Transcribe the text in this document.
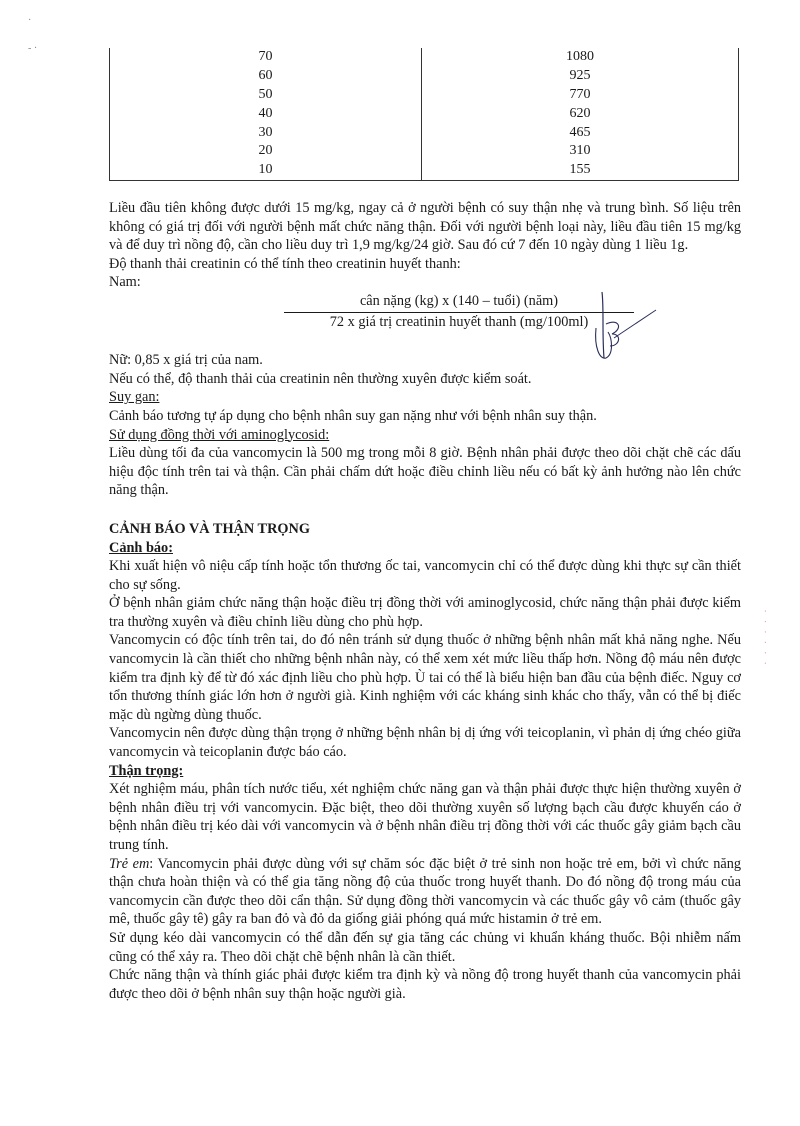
·

- ·
70	1080
60	925
50	770
40	620
30	465
20	310
10	155

Liều đầu tiên không được dưới 15 mg/kg, ngay cả ở người bệnh có suy thận nhẹ và trung bình. Số liệu trên không có giá trị đối với người bệnh mất chức năng thận. Đối với người bệnh loại này, liều đầu tiên 15 mg/kg và để duy trì nồng độ, cần cho liều duy trì 1,9 mg/kg/24 giờ. Sau đó cứ 7 đến 10 ngày dùng 1 liều 1g.

Độ thanh thải creatinin có thể tính theo creatinin huyết thanh:

Nam:

cân nặng (kg) x (140 – tuổi) (năm)
72 x giá trị creatinin huyết thanh (mg/100ml)

Nữ: 0,85 x giá trị của nam.

Nếu có thể, độ thanh thải của creatinin nên thường xuyên được kiểm soát.

Suy gan:

Cảnh báo tương tự áp dụng cho bệnh nhân suy gan nặng như với bệnh nhân suy thận.

Sử dụng đồng thời với aminoglycosid:

Liều dùng tối đa của vancomycin là 500 mg trong mỗi 8 giờ. Bệnh nhân phải được theo dõi chặt chẽ các dấu hiệu độc tính trên tai và thận. Cần phải chấm dứt hoặc điều chỉnh liều nếu có bất kỳ ảnh hưởng nào lên chức năng thận.

CẢNH BÁO VÀ THẬN TRỌNG

Cảnh báo:

Khi xuất hiện vô niệu cấp tính hoặc tổn thương ốc tai, vancomycin chỉ có thể được dùng khi thực sự cần thiết cho sự sống.

Ở bệnh nhân giảm chức năng thận hoặc điều trị đồng thời với aminoglycosid, chức năng thận phải được kiểm tra thường xuyên và điều chỉnh liều dùng cho phù hợp.

Vancomycin có độc tính trên tai, do đó nên tránh sử dụng thuốc ở những bệnh nhân mất khả năng nghe. Nếu vancomycin là cần thiết cho những bệnh nhân này, có thể xem xét mức liều thấp hơn. Nồng độ máu nên được kiểm tra định kỳ để từ đó xác định liều cho phù hợp. Ù tai có thể là biểu hiện ban đầu của bệnh điếc. Nguy cơ tổn thương thính giác lớn hơn ở người già. Kinh nghiệm với các kháng sinh khác cho thấy, vẫn có thể bị điếc mặc dù ngừng dùng thuốc.

Vancomycin nên được dùng thận trọng ở những bệnh nhân bị dị ứng với teicoplanin, vì phản dị ứng chéo giữa vancomycin và teicoplanin được báo cáo.

Thận trọng:

Xét nghiệm máu, phân tích nước tiểu, xét nghiệm chức năng gan và thận phải được thực hiện thường xuyên ở bệnh nhân điều trị với vancomycin. Đặc biệt, theo dõi thường xuyên số lượng bạch cầu được khuyến cáo ở bệnh nhân điều trị kéo dài với vancomycin và ở bệnh nhân điều trị đồng thời với các thuốc gây giảm bạch cầu trung tính.

Trẻ em: Vancomycin phải được dùng với sự chăm sóc đặc biệt ở trẻ sinh non hoặc trẻ em, bởi vì chức năng thận chưa hoàn thiện và có thể gia tăng nồng độ của thuốc trong huyết thanh. Do đó nồng độ trong máu của vancomycin cần được theo dõi cẩn thận. Sử dụng đồng thời vancomycin và các thuốc gây vô cảm (thuốc gây mê, thuốc gây tê) gây ra ban đỏ và đỏ da giống giải phóng quá mức histamin ở trẻ em.

Sử dụng kéo dài vancomycin có thể dẫn đến sự gia tăng các chủng vi khuẩn kháng thuốc. Bội nhiễm nấm cũng có thể xảy ra. Theo dõi chặt chẽ bệnh nhân là cần thiết.

Chức năng thận và thính giác phải được kiểm tra định kỳ và nồng độ trong huyết thanh của vancomycin phải được theo dõi ở bệnh nhân suy thận hoặc người già.

· · · · · ·
